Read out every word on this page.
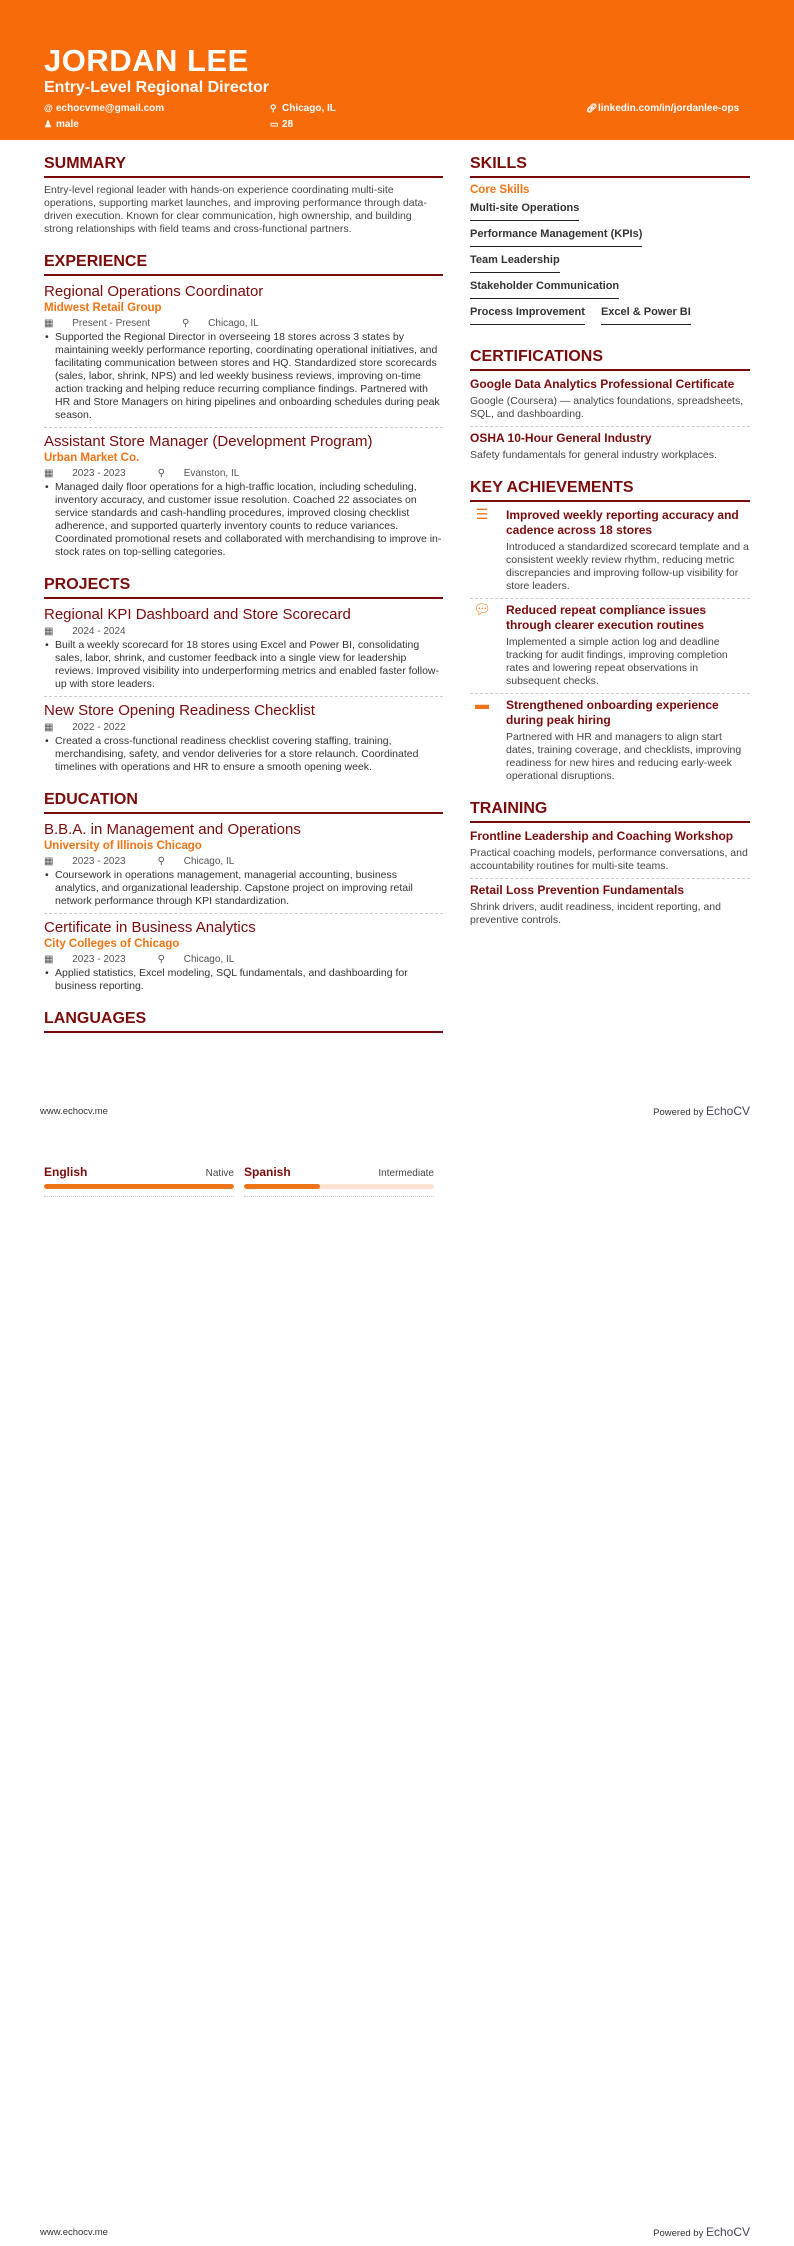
JORDAN LEE
Entry-Level Regional Director
@ echocvme@gmail.com	⚲ Chicago, IL	🔗︎linkedin.com/in/jordanlee-ops
♟ male	▭ 28
SUMMARY
Entry-level regional leader with hands-on experience coordinating multi-site operations, supporting market launches, and improving performance through data-driven execution. Known for clear communication, high ownership, and building strong relationships with field teams and cross-functional partners.
EXPERIENCE
Regional Operations Coordinator
Midwest Retail Group
▦ Present - Present	⚲ Chicago, IL
• Supported the Regional Director in overseeing 18 stores across 3 states by maintaining weekly performance reporting, coordinating operational initiatives, and facilitating communication between stores and HQ. Standardized store scorecards (sales, labor, shrink, NPS) and led weekly business reviews, improving on-time action tracking and helping reduce recurring compliance findings. Partnered with HR and Store Managers on hiring pipelines and onboarding schedules during peak season.
Assistant Store Manager (Development Program)
Urban Market Co.
▦ 2023 - 2023	⚲ Evanston, IL
• Managed daily floor operations for a high-traffic location, including scheduling, inventory accuracy, and customer issue resolution. Coached 22 associates on service standards and cash-handling procedures, improved closing checklist adherence, and supported quarterly inventory counts to reduce variances. Coordinated promotional resets and collaborated with merchandising to improve in-stock rates on top-selling categories.
PROJECTS
Regional KPI Dashboard and Store Scorecard
▦ 2024 - 2024
• Built a weekly scorecard for 18 stores using Excel and Power BI, consolidating sales, labor, shrink, and customer feedback into a single view for leadership reviews. Improved visibility into underperforming metrics and enabled faster follow-up with store leaders.
New Store Opening Readiness Checklist
▦ 2022 - 2022
• Created a cross-functional readiness checklist covering staffing, training, merchandising, safety, and vendor deliveries for a store relaunch. Coordinated timelines with operations and HR to ensure a smooth opening week.
EDUCATION
B.B.A. in Management and Operations
University of Illinois Chicago
▦ 2023 - 2023	⚲ Chicago, IL
• Coursework in operations management, managerial accounting, business analytics, and organizational leadership. Capstone project on improving retail network performance through KPI standardization.
Certificate in Business Analytics
City Colleges of Chicago
▦ 2023 - 2023	⚲ Chicago, IL
• Applied statistics, Excel modeling, SQL fundamentals, and dashboarding for business reporting.
LANGUAGES
SKILLS
Core Skills
Multi-site Operations
Performance Management (KPIs)
Team Leadership
Stakeholder Communication
Process Improvement Excel & Power BI
CERTIFICATIONS
Google Data Analytics Professional Certificate
Google (Coursera) — analytics foundations, spreadsheets, SQL, and dashboarding.
OSHA 10-Hour General Industry
Safety fundamentals for general industry workplaces.
KEY ACHIEVEMENTS
☰	Improved weekly reporting accuracy and cadence across 18 stores
Introduced a standardized scorecard template and a consistent weekly review rhythm, reducing metric discrepancies and improving follow-up visibility for store leaders.
💬︎ Reduced repeat compliance issues through clearer execution routines
Implemented a simple action log and deadline tracking for audit findings, improving completion rates and lowering repeat observations in subsequent checks.
▬	Strengthened onboarding experience during peak hiring
Partnered with HR and managers to align start dates, training coverage, and checklists, improving readiness for new hires and reducing early-week operational disruptions.
TRAINING
Frontline Leadership and Coaching Workshop
Practical coaching models, performance conversations, and accountability routines for multi-site teams.
Retail Loss Prevention Fundamentals
Shrink drivers, audit readiness, incident reporting, and preventive controls.
www.echocv.me	Powered by EchoCV
English	Native Spanish	Intermediate
www.echocv.me	Powered by EchoCV
